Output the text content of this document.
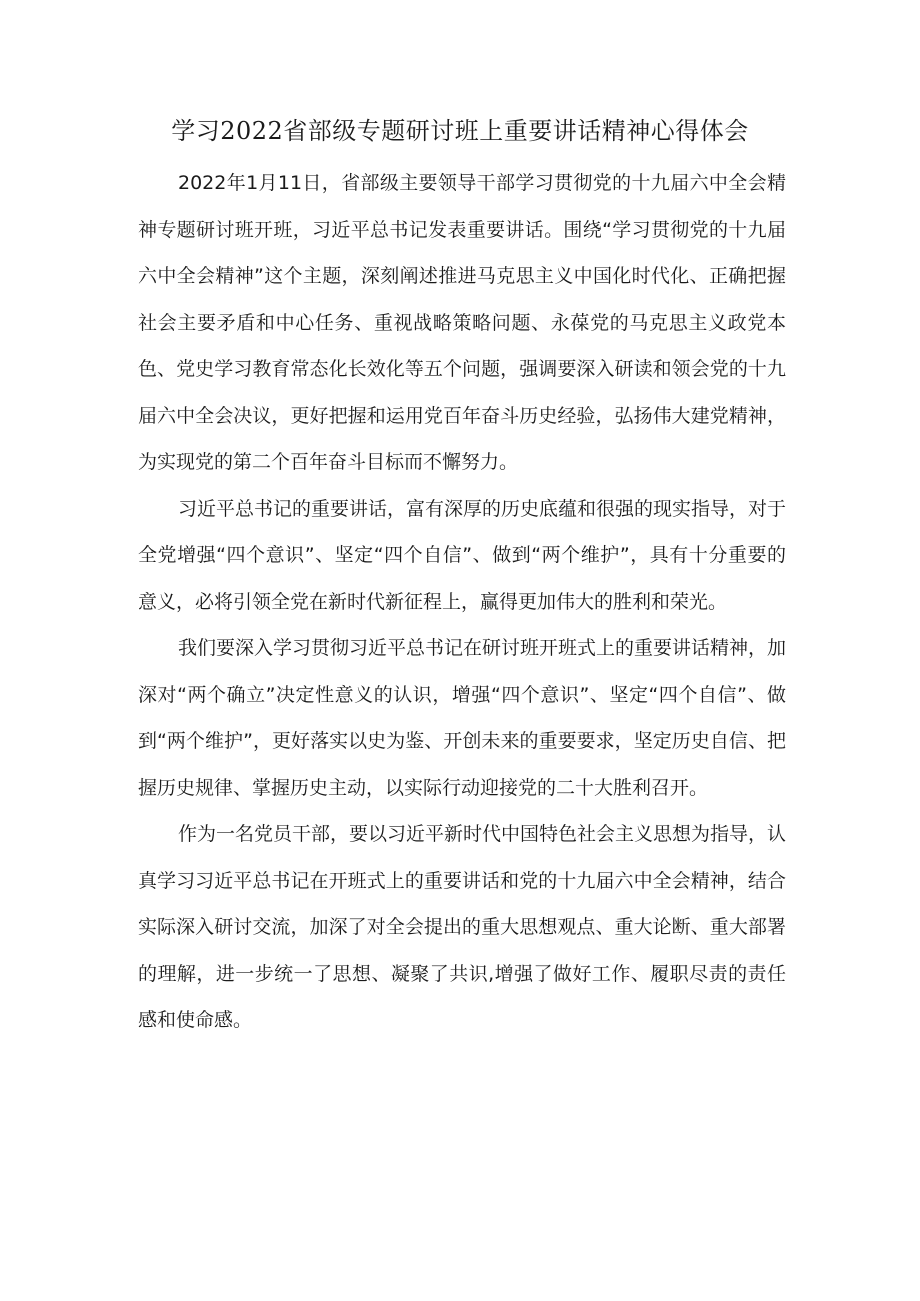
学习2022省部级专题研讨班上重要讲话精神心得体会

2022年1月11日，省部级主要领导干部学习贯彻党的十九届六中全会精神专题研讨班开班，习近平总书记发表重要讲话。围绕“学习贯彻党的十九届六中全会精神”这个主题，深刻阐述推进马克思主义中国化时代化、正确把握社会主要矛盾和中心任务、重视战略策略问题、永葆党的马克思主义政党本色、党史学习教育常态化长效化等五个问题，强调要深入研读和领会党的十九届六中全会决议，更好把握和运用党百年奋斗历史经验，弘扬伟大建党精神，为实现党的第二个百年奋斗目标而不懈努力。

习近平总书记的重要讲话，富有深厚的历史底蕴和很强的现实指导，对于全党增强“四个意识”、坚定“四个自信”、做到“两个维护”，具有十分重要的意义，必将引领全党在新时代新征程上，赢得更加伟大的胜利和荣光。

我们要深入学习贯彻习近平总书记在研讨班开班式上的重要讲话精神，加深对“两个确立”决定性意义的认识，增强“四个意识”、坚定“四个自信”、做到“两个维护”，更好落实以史为鉴、开创未来的重要要求，坚定历史自信、把握历史规律、掌握历史主动，以实际行动迎接党的二十大胜利召开。

作为一名党员干部，要以习近平新时代中国特色社会主义思想为指导，认真学习习近平总书记在开班式上的重要讲话和党的十九届六中全会精神，结合实际深入研讨交流，加深了对全会提出的重大思想观点、重大论断、重大部署的理解，进一步统一了思想、凝聚了共识,增强了做好工作、履职尽责的责任感和使命感。
